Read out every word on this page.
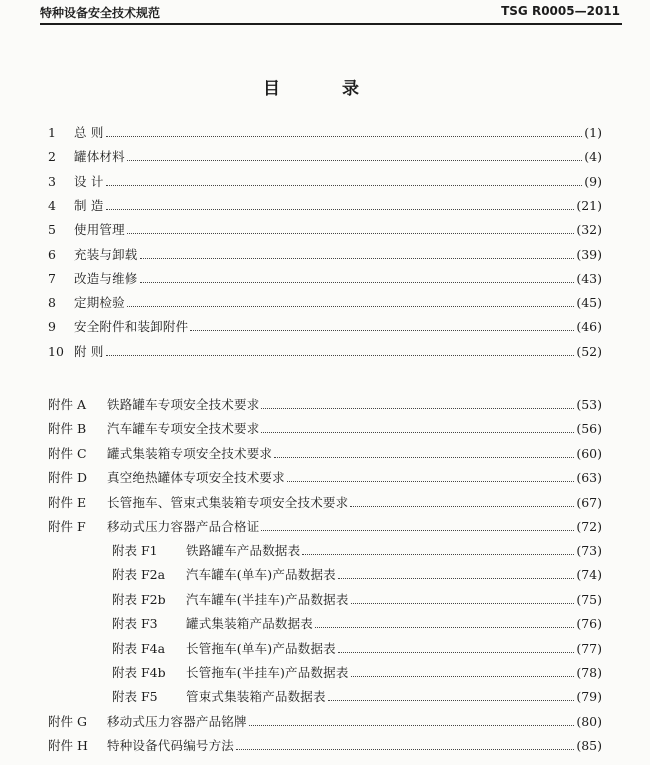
特种设备安全技术规范	TSG R0005—2011
目 录
1	总 则	(1)
2	罐体材料	(4)
3	设 计	(9)
4	制 造	(21)
5	使用管理	(32)
6	充装与卸载	(39)
7	改造与维修	(43)
8	定期检验	(45)
9	安全附件和装卸附件	(46)
10 附 则	(52)
附件 A	铁路罐车专项安全技术要求	(53)
附件 B	汽车罐车专项安全技术要求	(56)
附件 C	罐式集装箱专项安全技术要求	(60)
附件 D	真空绝热罐体专项安全技术要求	(63)
附件 E	长管拖车、管束式集装箱专项安全技术要求	(67)
附件 F	移动式压力容器产品合格证	(72)
附表 F1	铁路罐车产品数据表	(73)
附表 F2a	汽车罐车(单车)产品数据表	(74)
附表 F2b	汽车罐车(半挂车)产品数据表	(75)
附表 F3	罐式集装箱产品数据表	(76)
附表 F4a	长管拖车(单车)产品数据表	(77)
附表 F4b	长管拖车(半挂车)产品数据表	(78)
附表 F5	管束式集装箱产品数据表	(79)
附件 G	移动式压力容器产品铭牌	(80)
附件 H	特种设备代码编号方法	(85)
